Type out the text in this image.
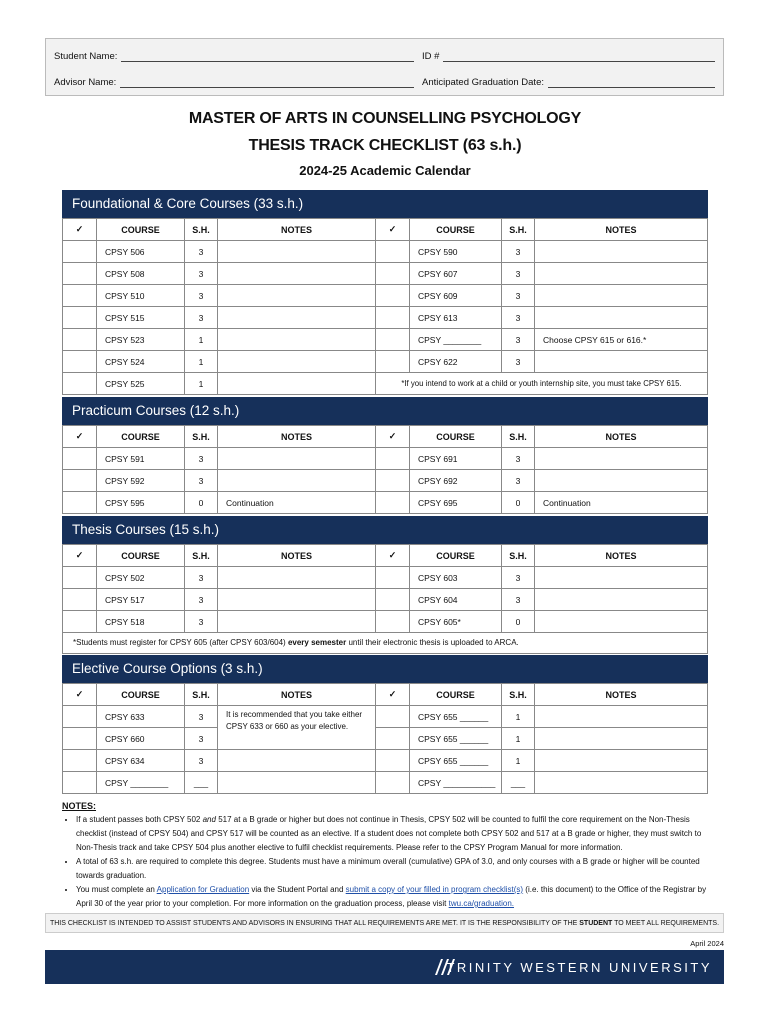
Student Name:	ID #
Advisor Name:	Anticipated Graduation Date:
MASTER OF ARTS IN COUNSELLING PSYCHOLOGY
THESIS TRACK CHECKLIST (63 s.h.)
2024-25 Academic Calendar
Foundational & Core Courses (33 s.h.)
✓	COURSE	S.H.	NOTES	✓	COURSE	S.H.	NOTES
	CPSY 506	3			CPSY 590	3	
	CPSY 508	3			CPSY 607	3	
	CPSY 510	3			CPSY 609	3	
	CPSY 515	3			CPSY 613	3	
	CPSY 523	1			CPSY ________	3	Choose CPSY 615 or 616.*
	CPSY 524	1			CPSY 622	3	
	CPSY 525	1		*If you intend to work at a child or youth internship site, you must take CPSY 615.			
Practicum Courses (12 s.h.)
✓	COURSE	S.H.	NOTES	✓	COURSE	S.H.	NOTES
	CPSY 591	3			CPSY 691	3	
	CPSY 592	3			CPSY 692	3	
	CPSY 595	0	Continuation		CPSY 695	0	Continuation
Thesis Courses (15 s.h.)
✓	COURSE	S.H.	NOTES	✓	COURSE	S.H.	NOTES
	CPSY 502	3			CPSY 603	3	
	CPSY 517	3			CPSY 604	3	
	CPSY 518	3			CPSY 605*	0	
*Students must register for CPSY 605 (after CPSY 603/604) every semester until their electronic thesis is uploaded to ARCA.
Elective Course Options (3 s.h.)
✓	COURSE	S.H.	NOTES	✓	COURSE	S.H.	NOTES
	CPSY 633	3	It is recommended that you take either CPSY 633 or 660 as your elective.		CPSY 655 ______	1	
	CPSY 660	3			CPSY 655 ______	1	
	CPSY 634	3			CPSY 655 ______	1	
	CPSY ________	___			CPSY ___________	___	
NOTES:
• If a student passes both CPSY 502 and 517 at a B grade or higher but does not continue in Thesis, CPSY 502 will be counted to fulfil the core requirement on the Non-Thesis checklist (instead of CPSY 504) and CPSY 517 will be counted as an elective. If a student does not complete both CPSY 502 and 517 at a B grade or higher, they must switch to Non-Thesis track and take CPSY 504 plus another elective to fulfil checklist requirements. Please refer to the CPSY Program Manual for more information.
• A total of 63 s.h. are required to complete this degree. Students must have a minimum overall (cumulative) GPA of 3.0, and only courses with a B grade or higher will be counted towards graduation.
• You must complete an Application for Graduation via the Student Portal and submit a copy of your filled in program checklist(s) (i.e. this document) to the Office of the Registrar by April 30 of the year prior to your completion. For more information on the graduation process, please visit twu.ca/graduation.
THIS CHECKLIST IS INTENDED TO ASSIST STUDENTS AND ADVISORS IN ENSURING THAT ALL REQUIREMENTS ARE MET. IT IS THE RESPONSIBILITY OF THE STUDENT TO MEET ALL REQUIREMENTS.
April 2024
TRINITY WESTERN UNIVERSITY
